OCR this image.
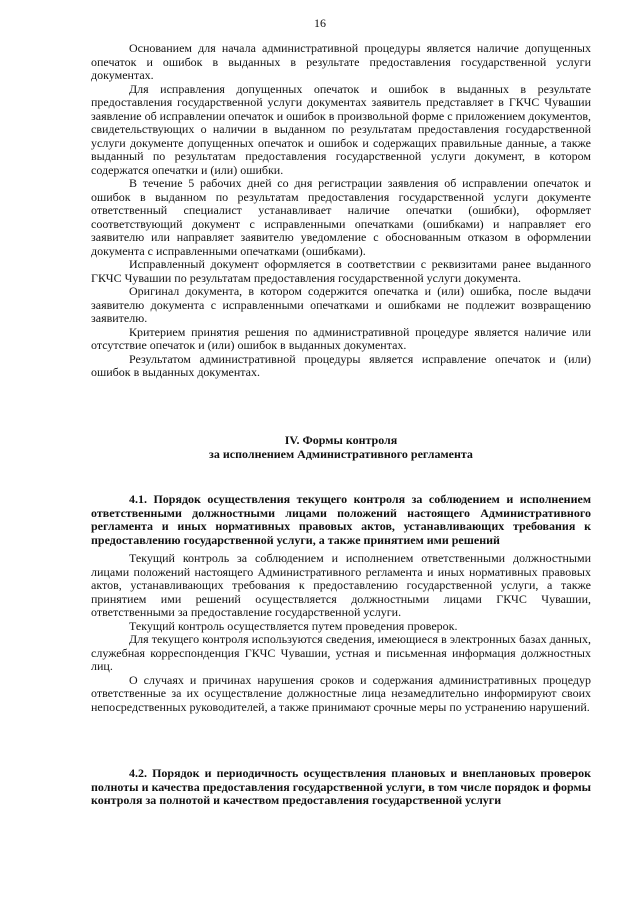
16

Основанием для начала административной процедуры является наличие допущенных опечаток и ошибок в выданных в результате предоставления государственной услуги документах.

Для исправления допущенных опечаток и ошибок в выданных в результате предоставления государственной услуги документах заявитель представляет в ГКЧС Чувашии заявление об исправлении опечаток и ошибок в произвольной форме с приложением документов, свидетельствующих о наличии в выданном по результатам предоставления государственной услуги документе допущенных опечаток и ошибок и содержащих правильные данные, а также выданный по результатам предоставления государственной услуги документ, в котором содержатся опечатки и (или) ошибки.

В течение 5 рабочих дней со дня регистрации заявления об исправлении опечаток и ошибок в выданном по результатам предоставления государственной услуги документе ответственный специалист устанавливает наличие опечатки (ошибки), оформляет соответствующий документ с исправленными опечатками (ошибками) и направляет его заявителю или направляет заявителю уведомление с обоснованным отказом в оформлении документа с исправленными опечатками (ошибками).

Исправленный документ оформляется в соответствии с реквизитами ранее выданного ГКЧС Чувашии по результатам предоставления государственной услуги документа.

Оригинал документа, в котором содержится опечатка и (или) ошибка, после выдачи заявителю документа с исправленными опечатками и ошибками не подлежит возвращению заявителю.

Критерием принятия решения по административной процедуре является наличие или отсутствие опечаток и (или) ошибок в выданных документах.

Результатом административной процедуры является исправление опечаток и (или) ошибок в выданных документах.

IV. Формы контроля

за исполнением Административного регламента

4.1. Порядок осуществления текущего контроля за соблюдением и исполнением ответственными должностными лицами положений настоящего Административного регламента и иных нормативных правовых актов, устанавливающих требования к предоставлению государственной услуги, а также принятием ими решений

Текущий контроль за соблюдением и исполнением ответственными должностными лицами положений настоящего Административного регламента и иных нормативных правовых актов, устанавливающих требования к предоставлению государственной услуги, а также принятием ими решений осуществляется должностными лицами ГКЧС Чувашии, ответственными за предоставление государственной услуги.

Текущий контроль осуществляется путем проведения проверок.

Для текущего контроля используются сведения, имеющиеся в электронных базах данных, служебная корреспонденция ГКЧС Чувашии, устная и письменная информация должностных лиц.

О случаях и причинах нарушения сроков и содержания административных процедур ответственные за их осуществление должностные лица незамедлительно информируют своих непосредственных руководителей, а также принимают срочные меры по устранению нарушений.

4.2. Порядок и периодичность осуществления плановых и внеплановых проверок полноты и качества предоставления государственной услуги, в том числе порядок и формы контроля за полнотой и качеством предоставления государственной услуги
